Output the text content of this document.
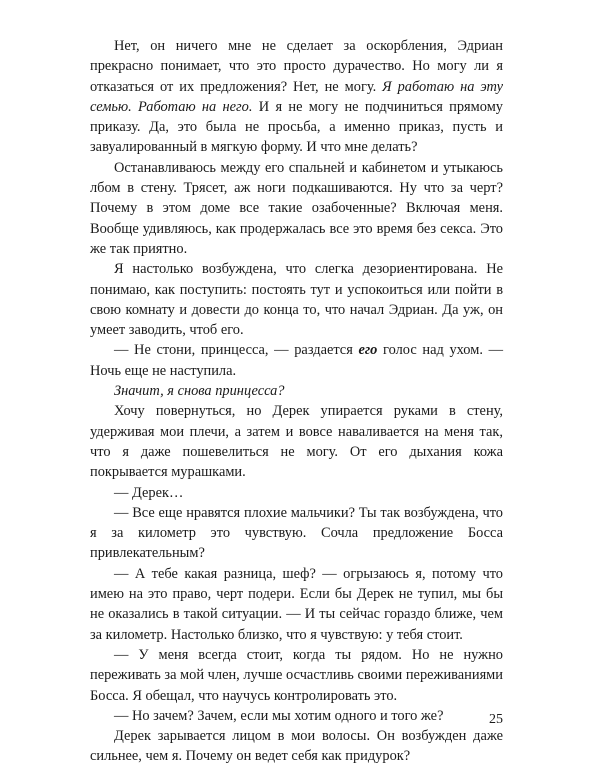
Нет, он ничего мне не сделает за оскорбления, Эдриан прекрасно понимает, что это просто дурачество. Но могу ли я отказаться от их предложения? Нет, не могу. Я работаю на эту семью. Работаю на него. И я не могу не подчиниться прямому приказу. Да, это была не просьба, а именно приказ, пусть и завуалированный в мягкую форму. И что мне делать?

Останавливаюсь между его спальней и кабинетом и утыкаюсь лбом в стену. Трясет, аж ноги подкашиваются. Ну что за черт? Почему в этом доме все такие озабоченные? Включая меня. Вообще удивляюсь, как продержалась все это время без секса. Это же так приятно.

Я настолько возбуждена, что слегка дезориентирована. Не понимаю, как поступить: постоять тут и успокоиться или пойти в свою комнату и довести до конца то, что начал Эдриан. Да уж, он умеет заводить, чтоб его.

— Не стони, принцесса, — раздается его голос над ухом. — Ночь еще не наступила.

Значит, я снова принцесса?

Хочу повернуться, но Дерек упирается руками в стену, удерживая мои плечи, а затем и вовсе наваливается на меня так, что я даже пошевелиться не могу. От его дыхания кожа покрывается мурашками.

— Дерек…

— Все еще нравятся плохие мальчики? Ты так возбуждена, что я за километр это чувствую. Сочла предложение Босса привлекательным?

— А тебе какая разница, шеф? — огрызаюсь я, потому что имею на это право, черт подери. Если бы Дерек не тупил, мы бы не оказались в такой ситуации. — И ты сейчас гораздо ближе, чем за километр. Настолько близко, что я чувствую: у тебя стоит.

— У меня всегда стоит, когда ты рядом. Но не нужно переживать за мой член, лучше осчастливь своими переживаниями Босса. Я обещал, что научусь контролировать это.

— Но зачем? Зачем, если мы хотим одного и того же?

Дерек зарывается лицом в мои волосы. Он возбужден даже сильнее, чем я. Почему он ведет себя как придурок?

25
